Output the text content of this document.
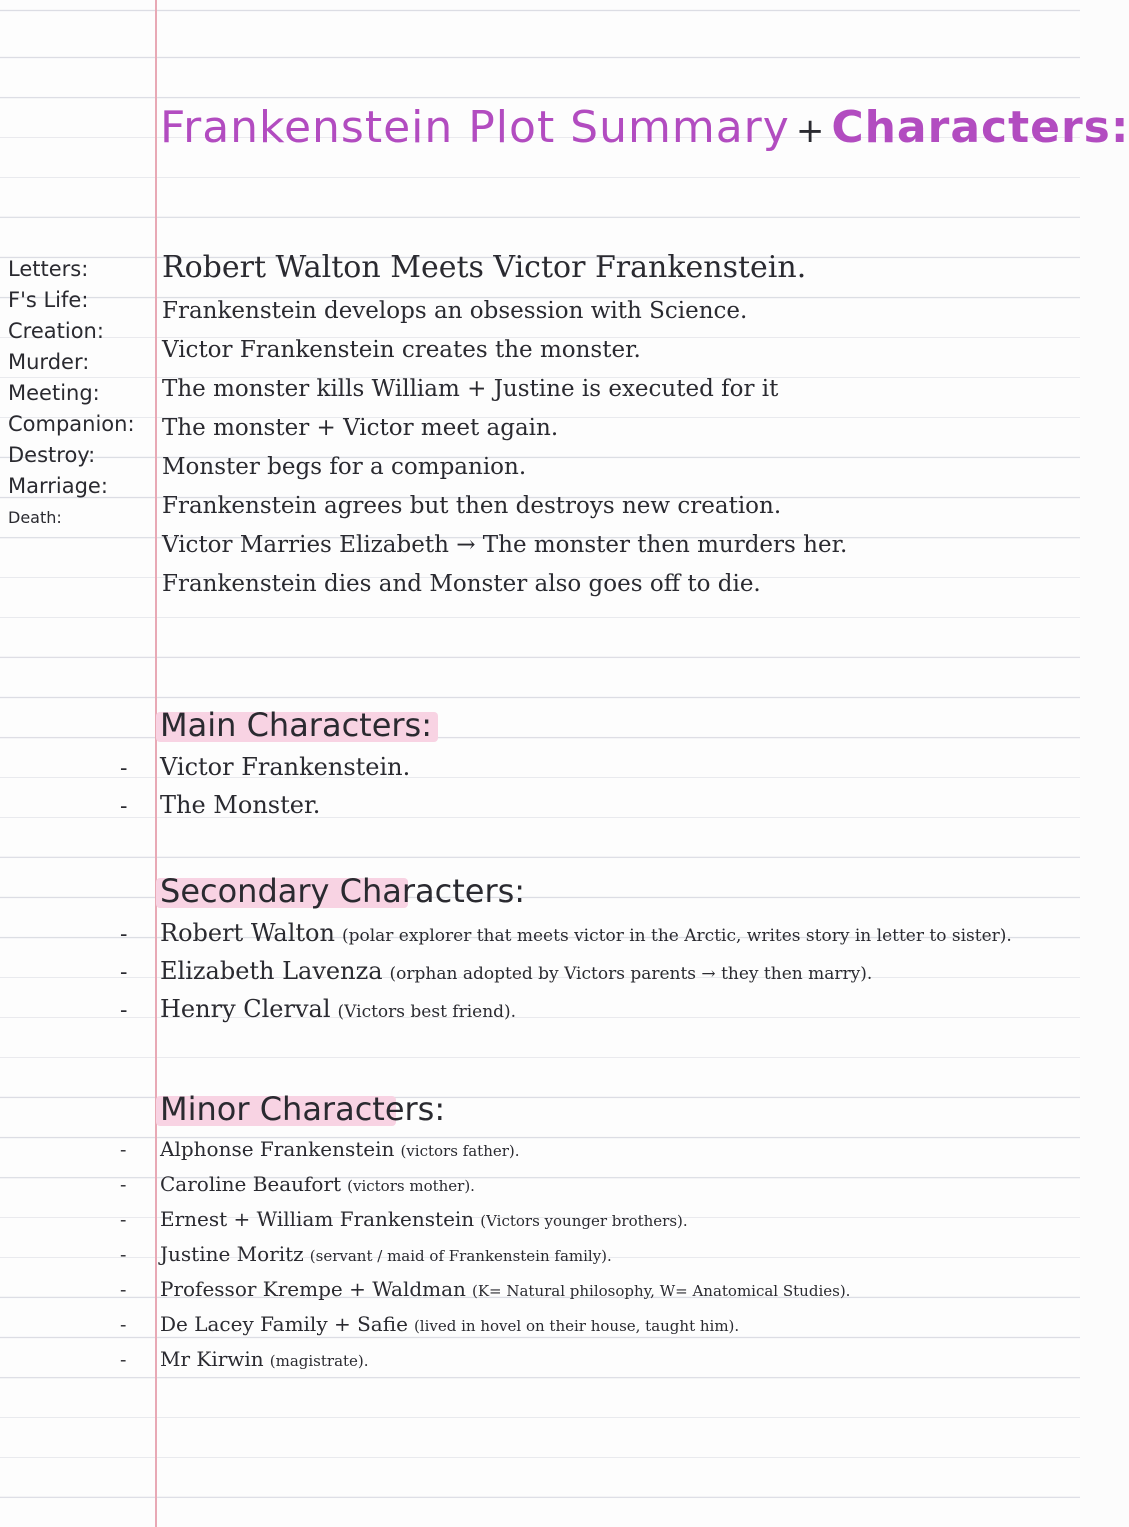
Frankenstein Plot Summary + Characters:
Letters:
F's Life:
Creation:
Murder:
Meeting:
Companion:
Destroy:
Marriage:
Death:
Robert Walton Meets Victor Frankenstein.
Frankenstein develops an obsession with Science.
Victor Frankenstein creates the monster.
The monster kills William + Justine is executed for it
The monster + Victor meet again.
Monster begs for a companion.
Frankenstein agrees but then destroys new creation.
Victor Marries Elizabeth → The monster then murders her.
Frankenstein dies and Monster also goes off to die.
Main Characters:
- Victor Frankenstein.
- The Monster.
Secondary Characters:
- Robert Walton (polar explorer that meets victor in the Arctic, writes story in letter to sister).
- Elizabeth Lavenza (orphan adopted by Victors parents → they then marry).
- Henry Clerval (Victors best friend).
Minor Characters:
- Alphonse Frankenstein (victors father).
- Caroline Beaufort (victors mother).
- Ernest + William Frankenstein (Victors younger brothers).
- Justine Moritz (servant / maid of Frankenstein family).
- Professor Krempe + Waldman (K= Natural philosophy, W= Anatomical Studies).
- De Lacey Family + Safie (lived in hovel on their house, taught him).
- Mr Kirwin (magistrate).
